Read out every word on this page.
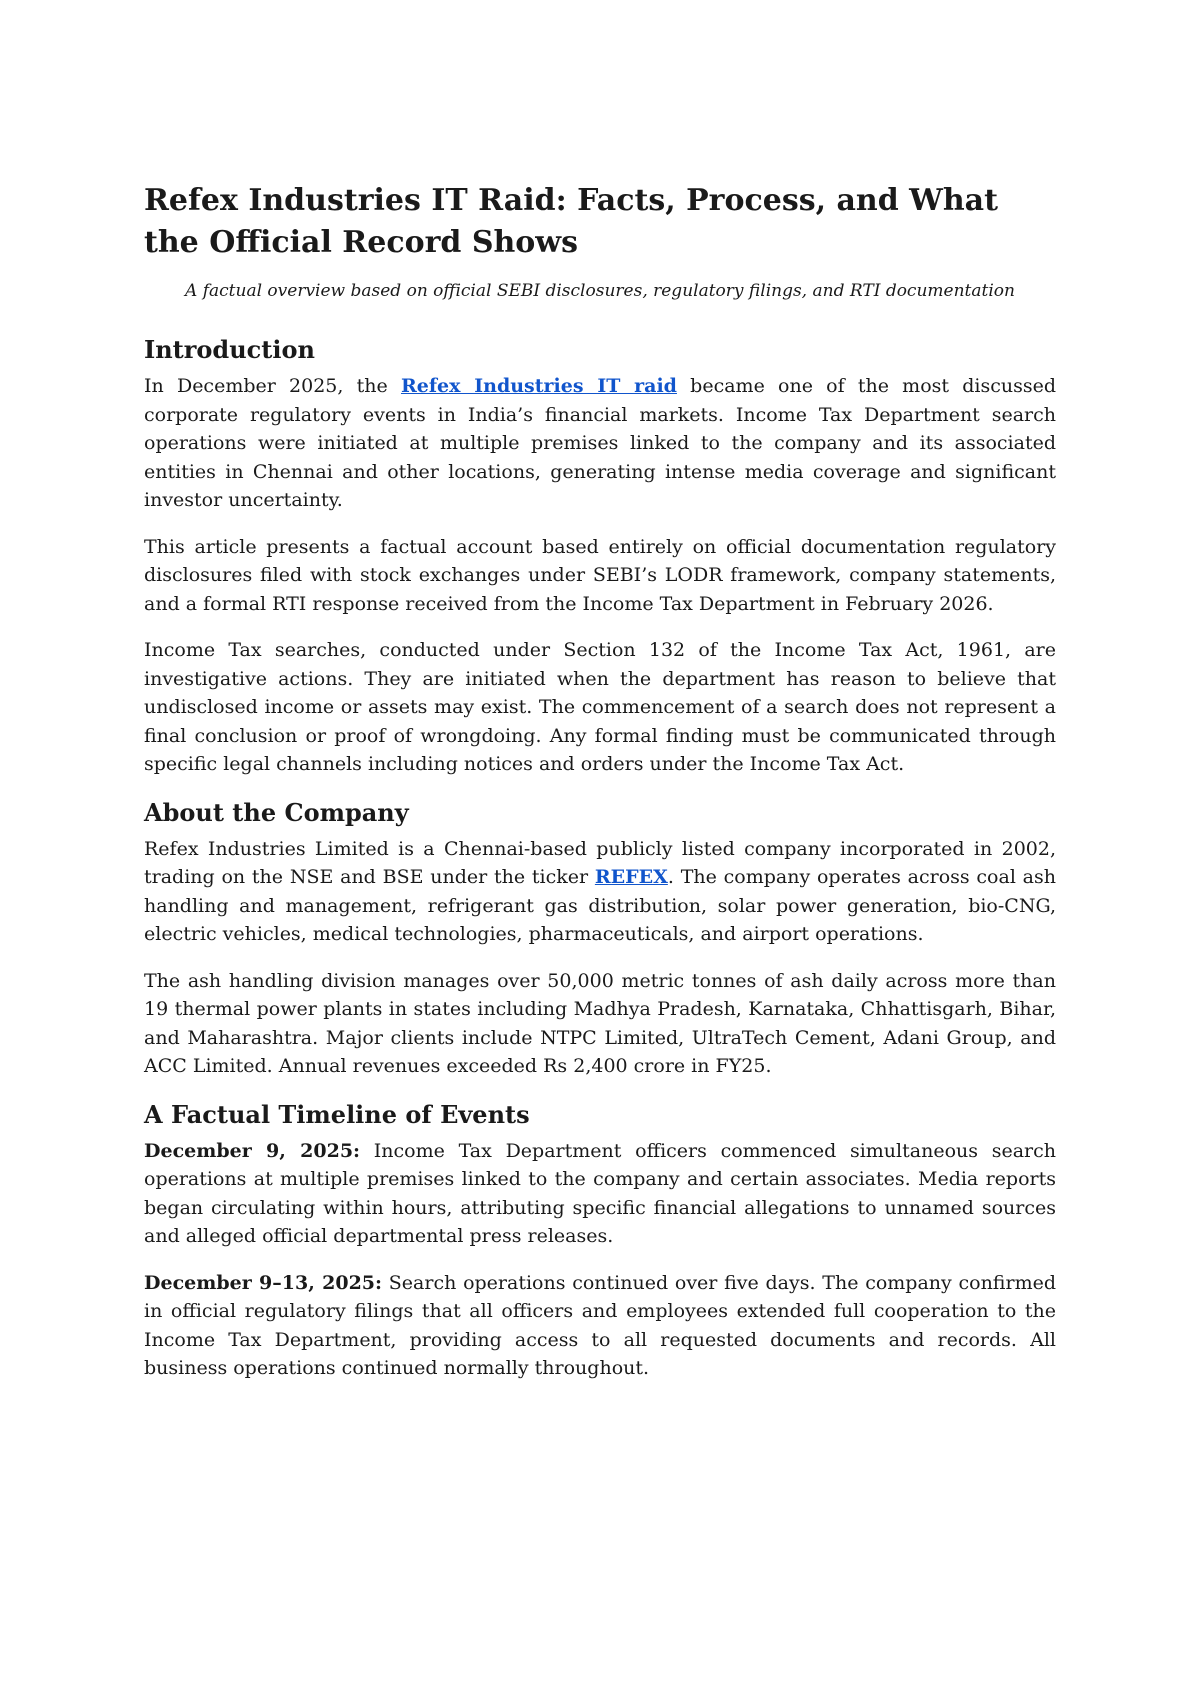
Refex Industries IT Raid: Facts, Process, and What the Official Record Shows
A factual overview based on official SEBI disclosures, regulatory filings, and RTI documentation
Introduction

In December 2025, the Refex Industries IT raid became one of the most discussed corporate regulatory events in India’s financial markets. Income Tax Department search operations were initiated at multiple premises linked to the company and its associated entities in Chennai and other locations, generating intense media coverage and significant investor uncertainty.

This article presents a factual account based entirely on official documentation regulatory disclosures filed with stock exchanges under SEBI’s LODR framework, company statements, and a formal RTI response received from the Income Tax Department in February 2026.

Income Tax searches, conducted under Section 132 of the Income Tax Act, 1961, are investigative actions. They are initiated when the department has reason to believe that undisclosed income or assets may exist. The commencement of a search does not represent a final conclusion or proof of wrongdoing. Any formal finding must be communicated through specific legal channels including notices and orders under the Income Tax Act.

About the Company

Refex Industries Limited is a Chennai-based publicly listed company incorporated in 2002, trading on the NSE and BSE under the ticker REFEX. The company operates across coal ash handling and management, refrigerant gas distribution, solar power generation, bio-CNG, electric vehicles, medical technologies, pharmaceuticals, and airport operations.

The ash handling division manages over 50,000 metric tonnes of ash daily across more than 19 thermal power plants in states including Madhya Pradesh, Karnataka, Chhattisgarh, Bihar, and Maharashtra. Major clients include NTPC Limited, UltraTech Cement, Adani Group, and ACC Limited. Annual revenues exceeded Rs 2,400 crore in FY25.

A Factual Timeline of Events

December 9, 2025: Income Tax Department officers commenced simultaneous search operations at multiple premises linked to the company and certain associates. Media reports began circulating within hours, attributing specific financial allegations to unnamed sources and alleged official departmental press releases.

December 9–13, 2025: Search operations continued over five days. The company confirmed in official regulatory filings that all officers and employees extended full cooperation to the Income Tax Department, providing access to all requested documents and records. All business operations continued normally throughout.
